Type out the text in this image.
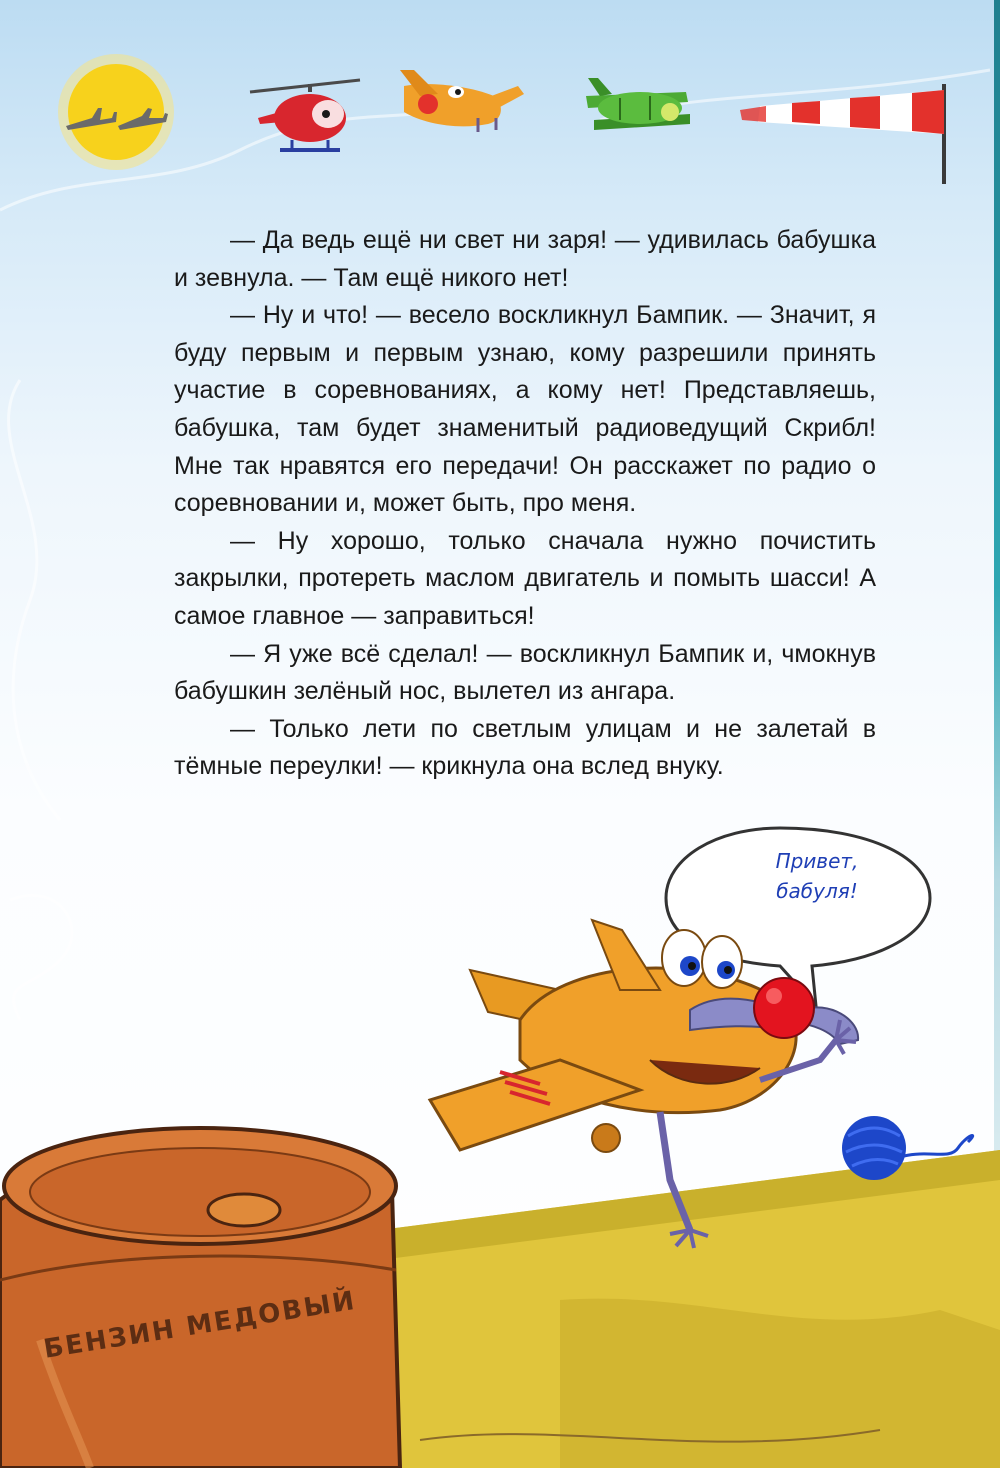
— Да ведь ещё ни свет ни заря! — удивилась бабушка и зевнула. — Там ещё никого нет!

— Ну и что! — весело воскликнул Бампик. — Значит, я буду первым и первым узнаю, кому разрешили принять участие в соревнованиях, а кому нет! Представляешь, бабушка, там будет знаменитый радиоведущий Скрибл! Мне так нравятся его передачи! Он расскажет по радио о соревновании и, может быть, про меня.

— Ну хорошо, только сначала нужно почистить закрылки, протереть маслом двигатель и помыть шасси! А самое главное — заправиться!

— Я уже всё сделал! — воскликнул Бампик и, чмокнув бабушкин зелёный нос, вылетел из ангара.

— Только лети по светлым улицам и не залетай в тёмные переулки! — крикнула она вслед внуку.

Привет,
бабуля!
БЕНЗИН МЕДОВЫЙ
